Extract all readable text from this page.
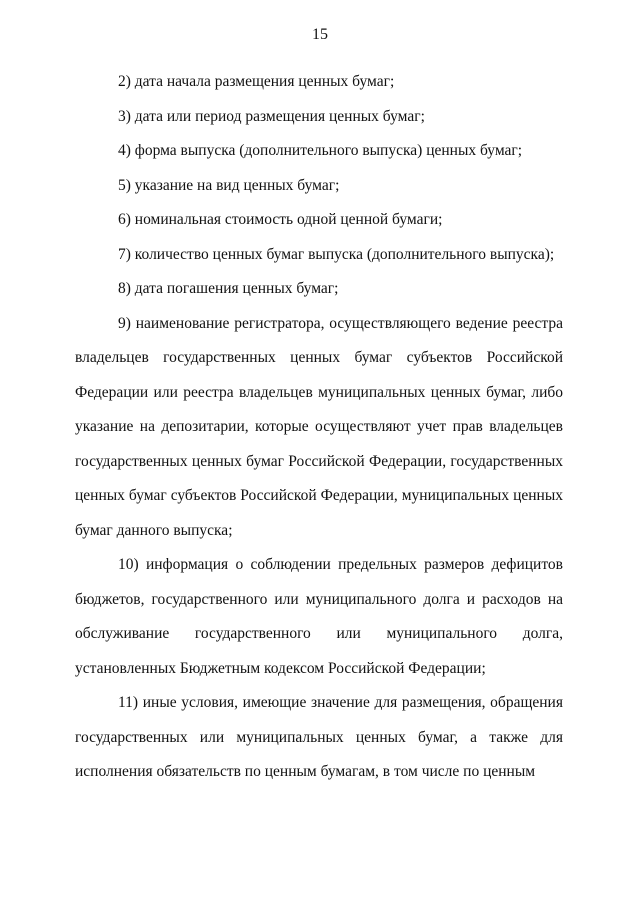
15

2) дата начала размещения ценных бумаг;

3) дата или период размещения ценных бумаг;

4) форма выпуска (дополнительного выпуска) ценных бумаг;

5) указание на вид ценных бумаг;

6) номинальная стоимость одной ценной бумаги;

7) количество ценных бумаг выпуска (дополнительного выпуска);

8) дата погашения ценных бумаг;

9) наименование регистратора, осуществляющего ведение реестра владельцев государственных ценных бумаг субъектов Российской Федерации или реестра владельцев муниципальных ценных бумаг, либо указание на депозитарии, которые осуществляют учет прав владельцев государственных ценных бумаг Российской Федерации, государственных ценных бумаг субъектов Российской Федерации, муниципальных ценных бумаг данного выпуска;

10) информация о соблюдении предельных размеров дефицитов бюджетов, государственного или муниципального долга и расходов на обслуживание государственного или муниципального долга, установленных Бюджетным кодексом Российской Федерации;

11) иные условия, имеющие значение для размещения, обращения государственных или муниципальных ценных бумаг, а также для исполнения обязательств по ценным бумагам, в том числе по ценным
